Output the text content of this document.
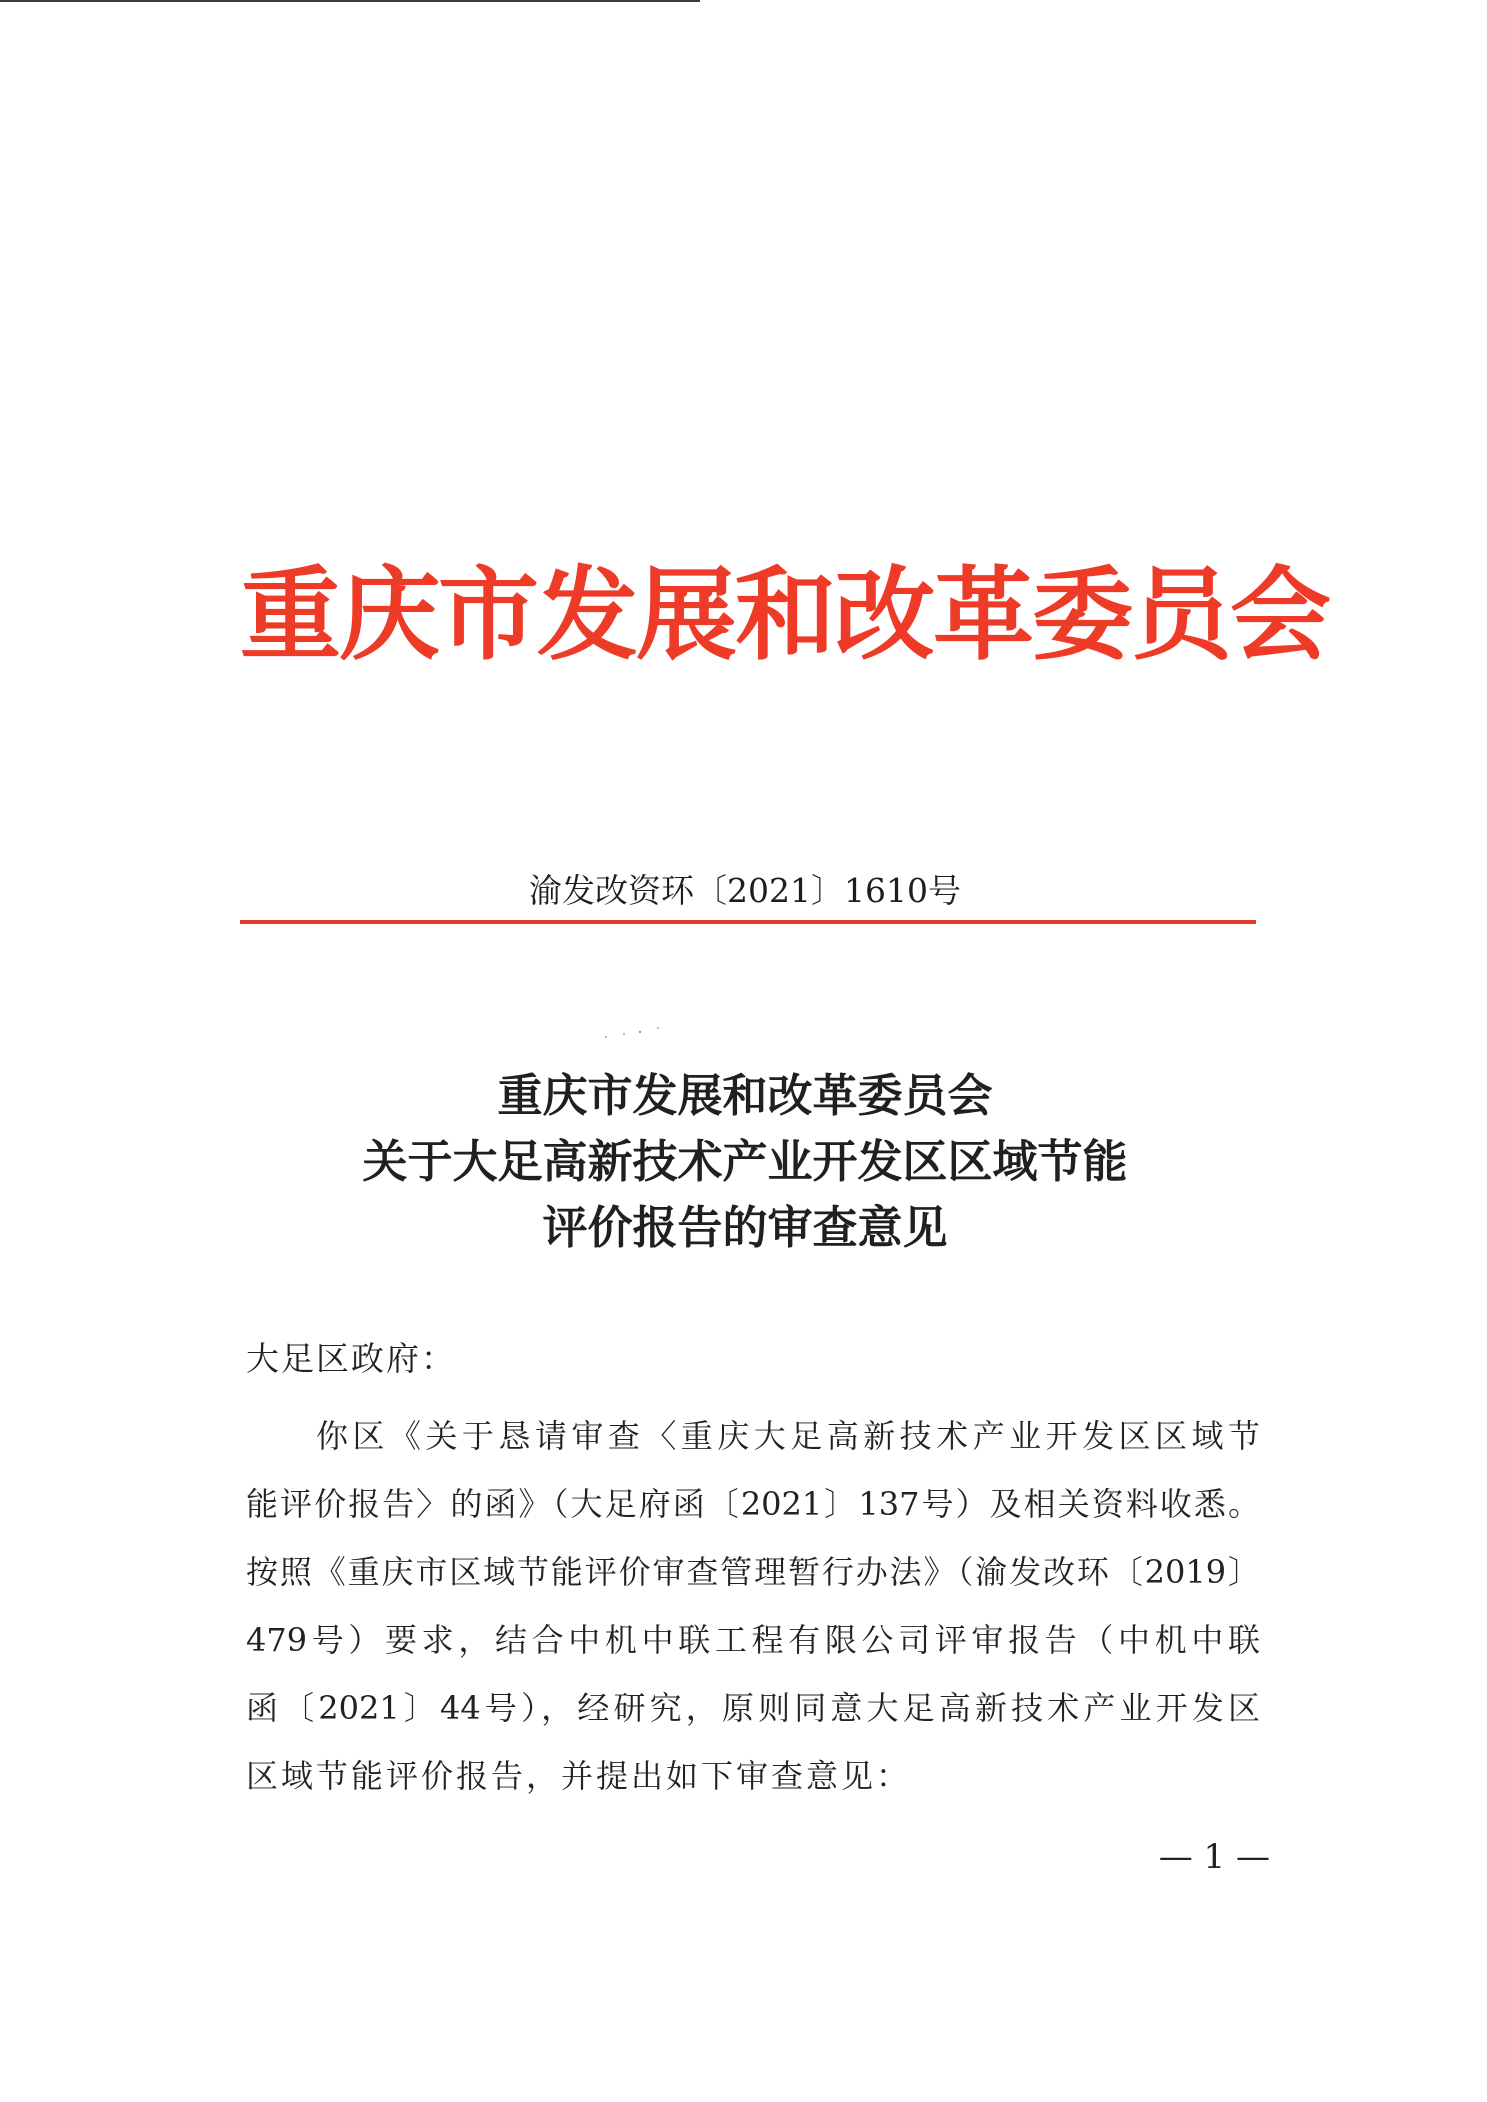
重庆市发展和改革委员会
渝发改资环〔2021〕1610号
重庆市发展和改革委员会
关于大足高新技术产业开发区区域节能
评价报告的审查意见
大足区政府：
你区《关于恳请审查〈重庆大足高新技术产业开发区区域节
能评价报告〉的函》（大足府函〔2021〕137号）及相关资料收悉。
按照《重庆市区域节能评价审查管理暂行办法》（渝发改环〔2019〕
479号）要求，结合中机中联工程有限公司评审报告（中机中联
函〔2021〕44号），经研究，原则同意大足高新技术产业开发区
区域节能评价报告，并提出如下审查意见：
— 1 —
